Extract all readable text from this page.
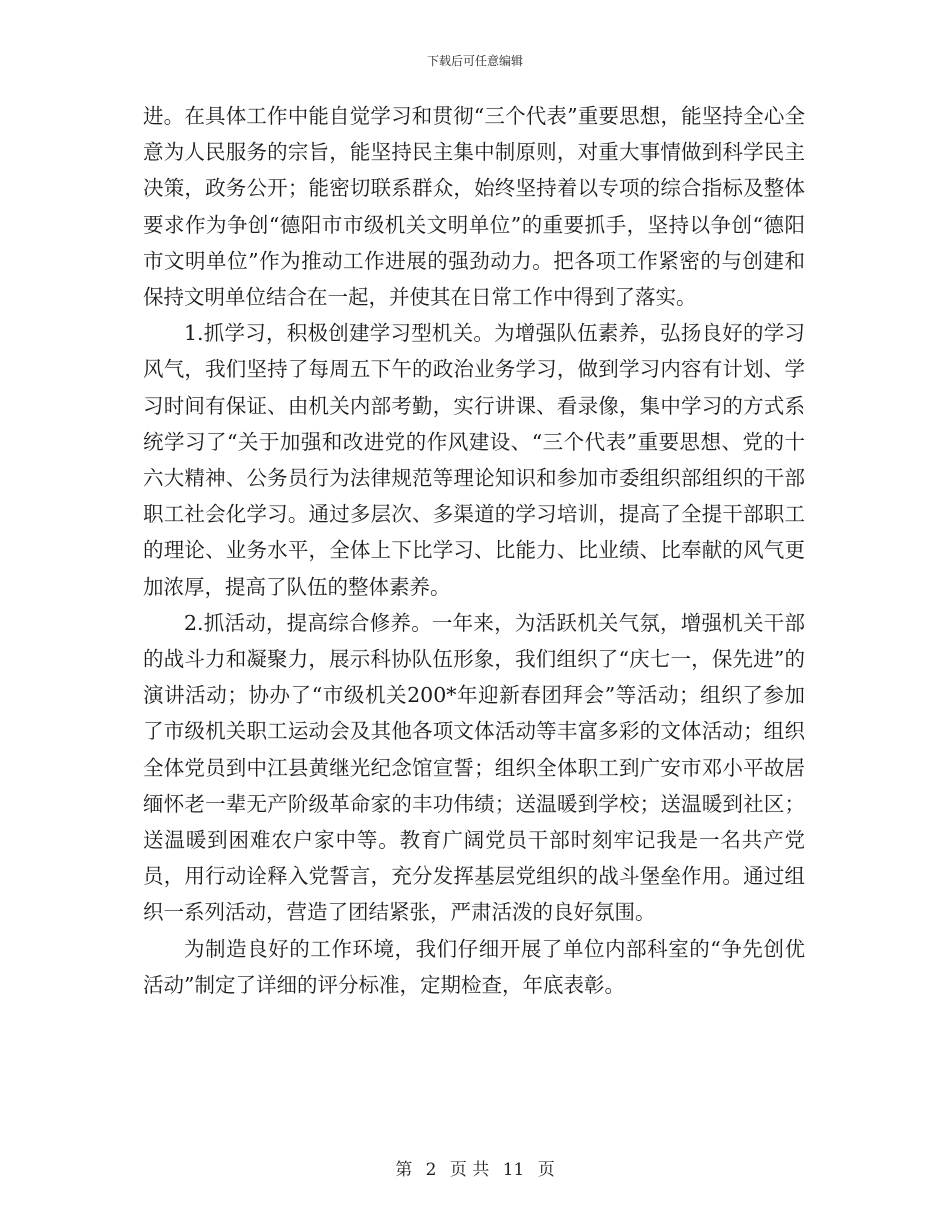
下载后可任意编辑

进。在具体工作中能自觉学习和贯彻“三个代表”重要思想，能坚持全心全意为人民服务的宗旨，能坚持民主集中制原则，对重大事情做到科学民主决策，政务公开；能密切联系群众，始终坚持着以专项的综合指标及整体要求作为争创“德阳市市级机关文明单位”的重要抓手，坚持以争创“德阳市文明单位”作为推动工作进展的强劲动力。把各项工作紧密的与创建和保持文明单位结合在一起，并使其在日常工作中得到了落实。

1.抓学习，积极创建学习型机关。为增强队伍素养，弘扬良好的学习风气，我们坚持了每周五下午的政治业务学习，做到学习内容有计划、学习时间有保证、由机关内部考勤，实行讲课、看录像，集中学习的方式系统学习了“关于加强和改进党的作风建设、“三个代表”重要思想、党的十六大精神、公务员行为法律规范等理论知识和参加市委组织部组织的干部职工社会化学习。通过多层次、多渠道的学习培训，提高了全提干部职工的理论、业务水平，全体上下比学习、比能力、比业绩、比奉献的风气更加浓厚，提高了队伍的整体素养。

2.抓活动，提高综合修养。一年来，为活跃机关气氛，增强机关干部的战斗力和凝聚力，展示科协队伍形象，我们组织了“庆七一，保先进”的演讲活动；协办了“市级机关200*年迎新春团拜会”等活动；组织了参加了市级机关职工运动会及其他各项文体活动等丰富多彩的文体活动；组织全体党员到中江县黄继光纪念馆宣誓；组织全体职工到广安市邓小平故居缅怀老一辈无产阶级革命家的丰功伟绩；送温暖到学校；送温暖到社区；送温暖到困难农户家中等。教育广阔党员干部时刻牢记我是一名共产党员，用行动诠释入党誓言，充分发挥基层党组织的战斗堡垒作用。通过组织一系列活动，营造了团结紧张，严肃活泼的良好氛围。

为制造良好的工作环境，我们仔细开展了单位内部科室的“争先创优活动”制定了详细的评分标准，定期检查，年底表彰。

第 2 页 共 11 页
